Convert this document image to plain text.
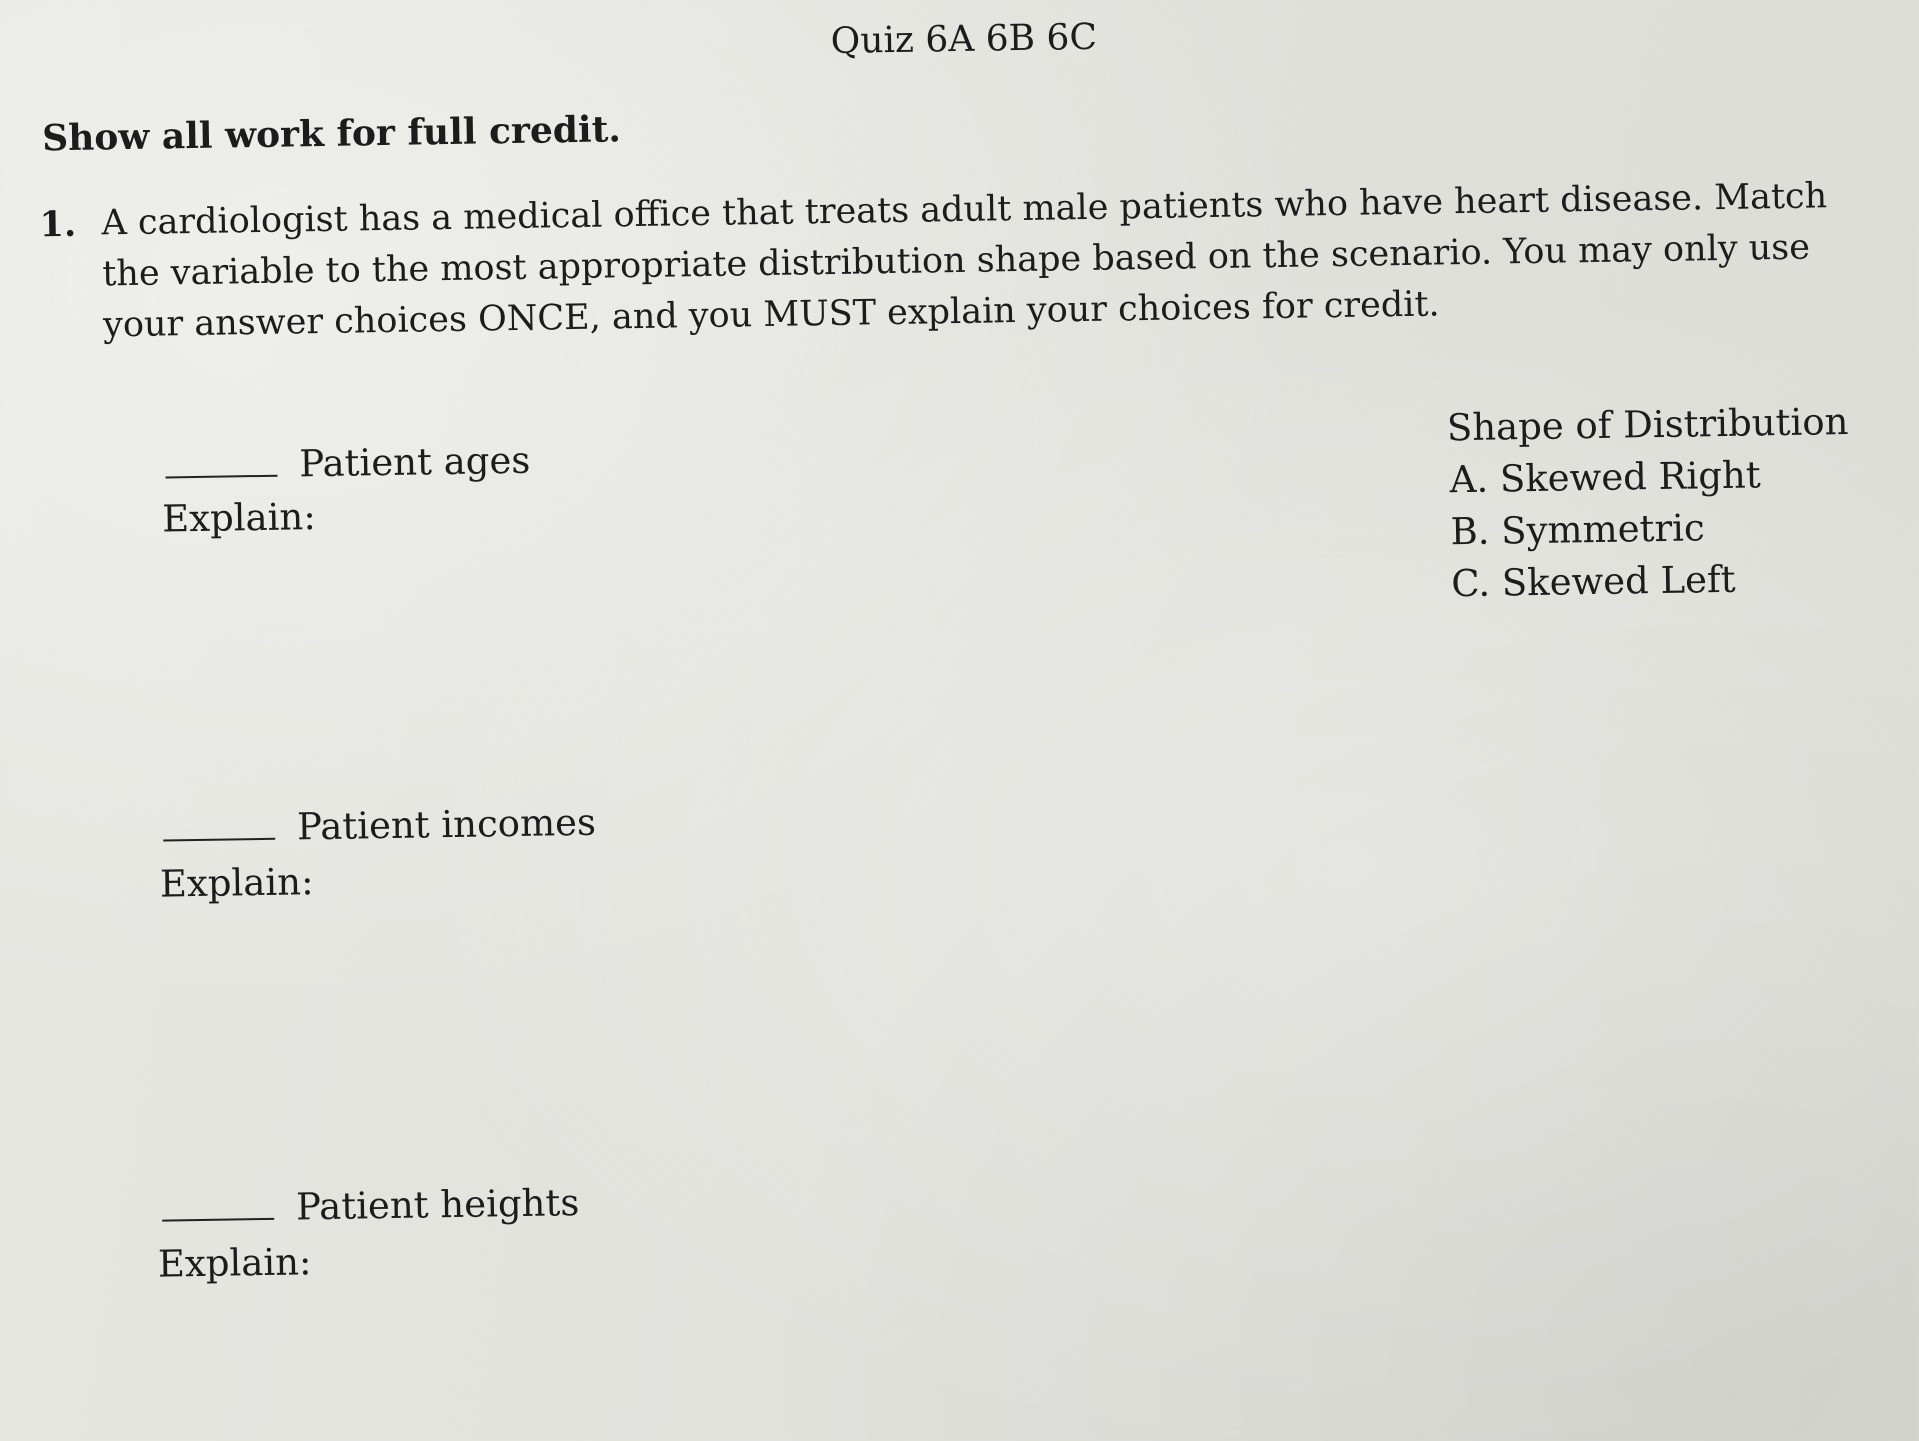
Quiz 6A 6B 6C
Show all work for full credit.
1. A cardiologist has a medical office that treats adult male patients who have heart disease. Match the variable to the most appropriate distribution shape based on the scenario. You may only use your answer choices ONCE, and you MUST explain your choices for credit.
Patient ages
Explain:
Patient incomes
Explain:
Patient heights
Explain:
Shape of Distribution
A. Skewed Right
B. Symmetric
C. Skewed Left
